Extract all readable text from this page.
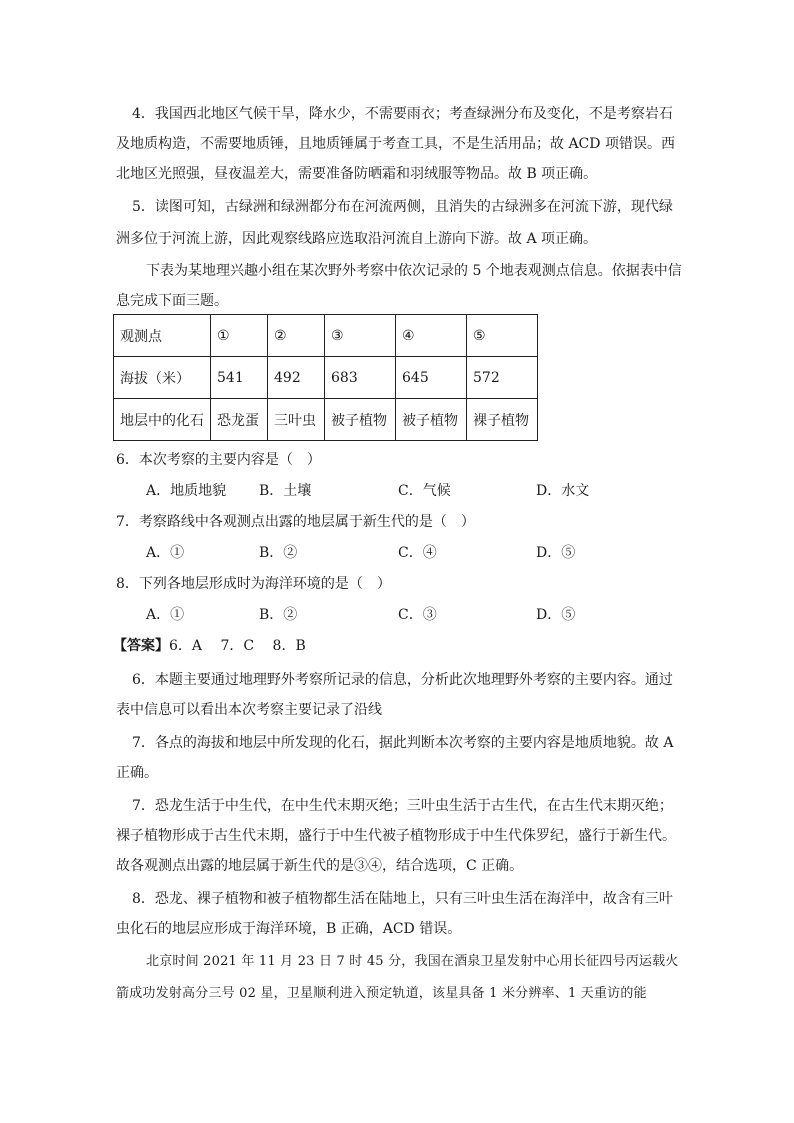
4．我国西北地区气候干旱，降水少，不需要雨衣；考查绿洲分布及变化，不是考察岩石
及地质构造，不需要地质锤，且地质锤属于考查工具，不是生活用品；故 ACD 项错误。西
北地区光照强，昼夜温差大，需要准备防晒霜和羽绒服等物品。故 B 项正确。
5．读图可知，古绿洲和绿洲都分布在河流两侧，且消失的古绿洲多在河流下游，现代绿
洲多位于河流上游，因此观察线路应选取沿河流自上游向下游。故 A 项正确。
下表为某地理兴趣小组在某次野外考察中依次记录的 5 个地表观测点信息。依据表中信
息完成下面三题。
观测点	①	②	③	④	⑤
海拔（米）	541	492	683	645	572
地层中的化石	恐龙蛋	三叶虫	被子植物	被子植物	裸子植物
6．本次考察的主要内容是（　）
A．地质地貌 B．土壤	C．气候	D．水文
7．考察路线中各观测点出露的地层属于新生代的是（　）
A．①	B．②	C．④	D．⑤
8．下列各地层形成时为海洋环境的是（　）
A．①	B．②	C．③	D．⑤
【答案】6．A　 7．C　 8．B
6．本题主要通过地理野外考察所记录的信息，分析此次地理野外考察的主要内容。通过
表中信息可以看出本次考察主要记录了沿线
7．各点的海拔和地层中所发现的化石，据此判断本次考察的主要内容是地质地貌。故 A
正确。
7．恐龙生活于中生代，在中生代末期灭绝；三叶虫生活于古生代，在古生代末期灭绝；
裸子植物形成于古生代末期，盛行于中生代被子植物形成于中生代侏罗纪，盛行于新生代。
故各观测点出露的地层属于新生代的是③④，结合选项，C 正确。
8．恐龙、裸子植物和被子植物都生活在陆地上，只有三叶虫生活在海洋中，故含有三叶
虫化石的地层应形成于海洋环境，B 正确，ACD 错误。
北京时间 2021 年 11 月 23 日 7 时 45 分，我国在酒泉卫星发射中心用长征四号丙运载火
箭成功发射高分三号 02 星，卫星顺利进入预定轨道，该星具备 1 米分辨率、1 天重访的能
